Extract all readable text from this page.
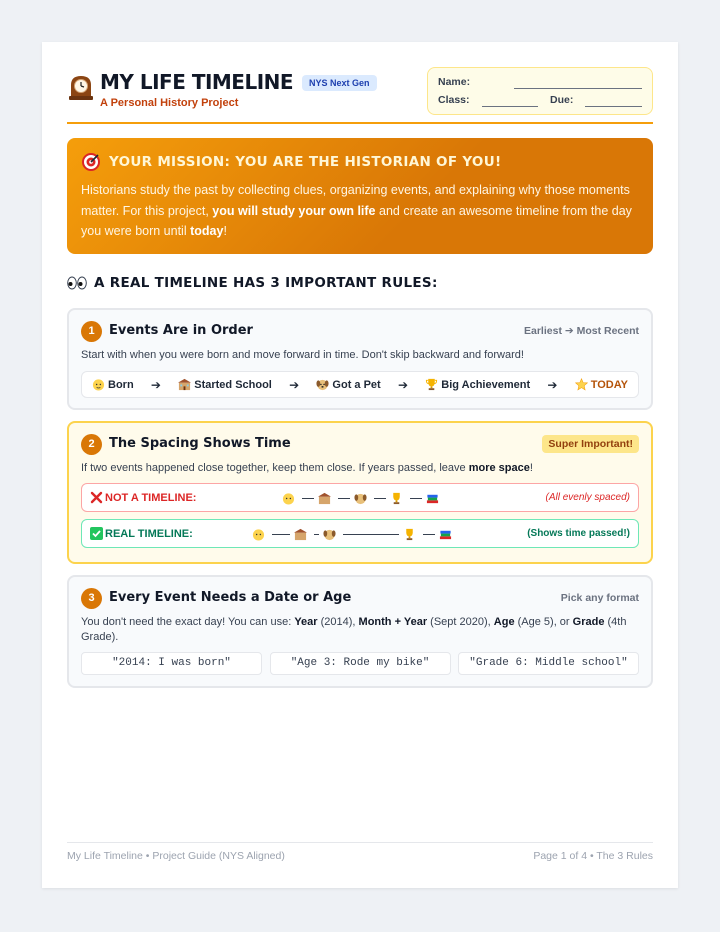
MY LIFE TIMELINE	NYS Next Gen
A Personal History Project
Name:
Class:	Due:
YOUR MISSION: YOU ARE THE HISTORIAN OF YOU!
Historians study the past by collecting clues, organizing events, and explaining why those moments matter. For this project, you will study your own life and create an awesome timeline from the day you were born until today!
A REAL TIMELINE HAS 3 IMPORTANT RULES:
1	Events Are in Order	Earliest ➔ Most Recent
Start with when you were born and move forward in time. Don't skip backward and forward!
Born ➔	Started School ➔	Got a Pet ➔	Big Achievement ➔	TODAY
2	The Spacing Shows Time	Super Important!
If two events happened close together, keep them close. If years passed, leave more space!
NOT A TIMELINE:	(All evenly spaced)
REAL TIMELINE:	(Shows time passed!)
3	Every Event Needs a Date or Age	Pick any format
You don't need the exact day! You can use: Year (2014), Month + Year (Sept 2020), Age (Age 5), or Grade (4th Grade).
"2014: I was born"	"Age 3: Rode my bike"	"Grade 6: Middle school"
My Life Timeline • Project Guide (NYS Aligned)	Page 1 of 4 • The 3 Rules
